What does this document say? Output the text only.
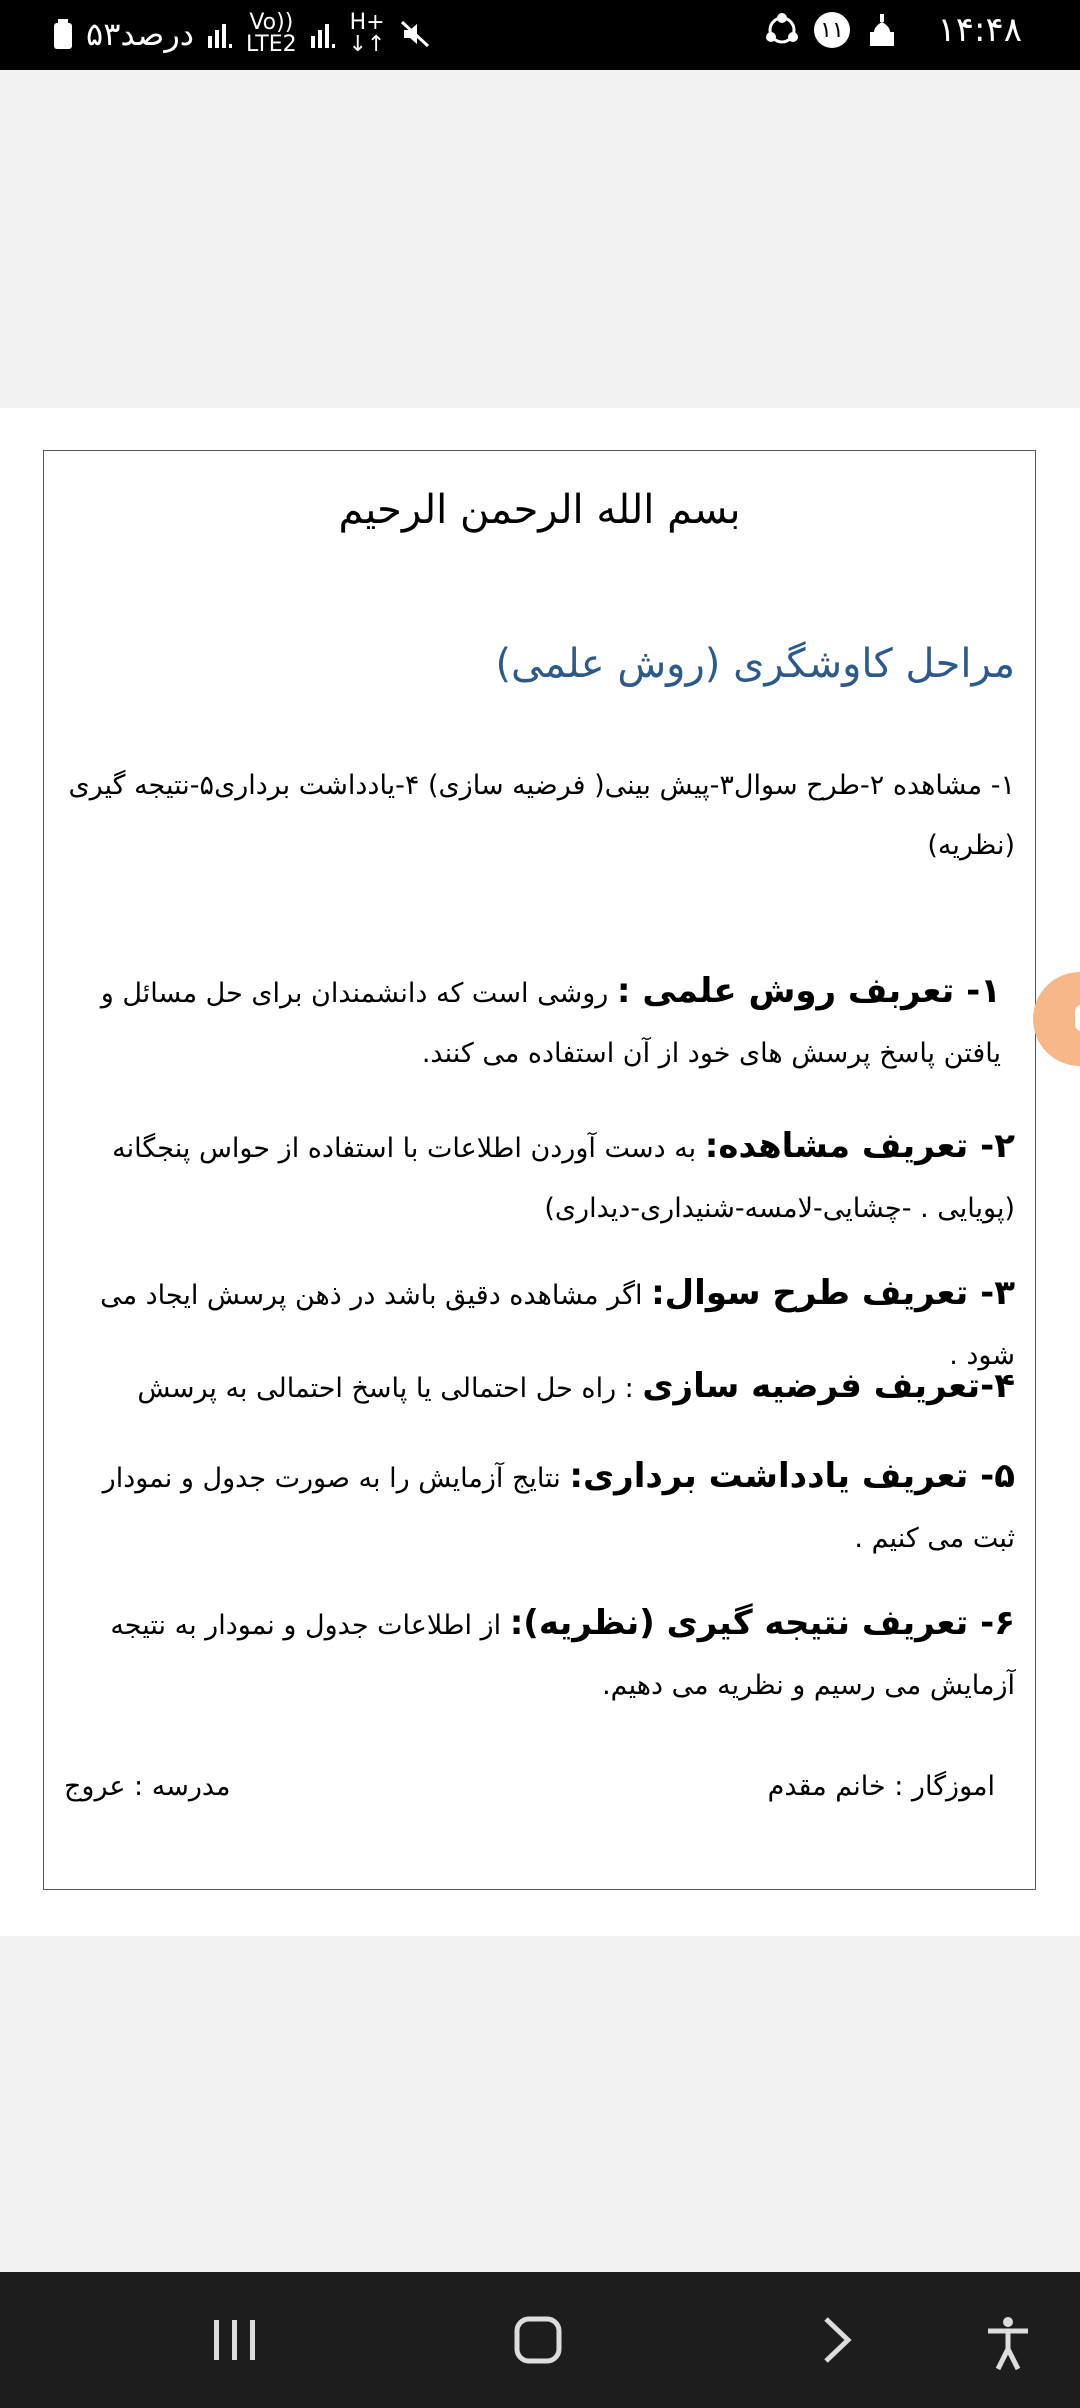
۵۳درصد	Vo))
LTE2
H+
↓↑
۱۱	۱۴:۴۸
بسم الله الرحمن الرحیم
مراحل کاوشگری (روش علمی)
۱- مشاهده ۲-طرح سوال۳-پیش بینی( فرضیه سازی) ۴-یادداشت برداری۵-نتیجه گیری (نظریه)
۱- تعربف روش علمی : روشی است که دانشمندان برای حل مسائل و یافتن پاسخ پرسش های خود از آن استفاده می کنند.
۲- تعریف مشاهده: به دست آوردن اطلاعات با استفاده از حواس پنجگانه (پویایی . -چشایی-لامسه-شنیداری-دیداری)
۳- تعریف طرح سوال: اگر مشاهده دقیق باشد در ذهن پرسش ایجاد می شود .
۴-تعریف فرضیه سازی : راه حل احتمالی یا پاسخ احتمالی به پرسش
۵- تعریف یادداشت برداری: نتایج آزمایش را به صورت جدول و نمودار ثبت می کنیم .
۶- تعریف نتیجه گیری (نظریه): از اطلاعات جدول و نمودار به نتیجه آزمایش می رسیم و نظریه می دهیم.
اموزگار : خانم مقدم
مدرسه : عروج
